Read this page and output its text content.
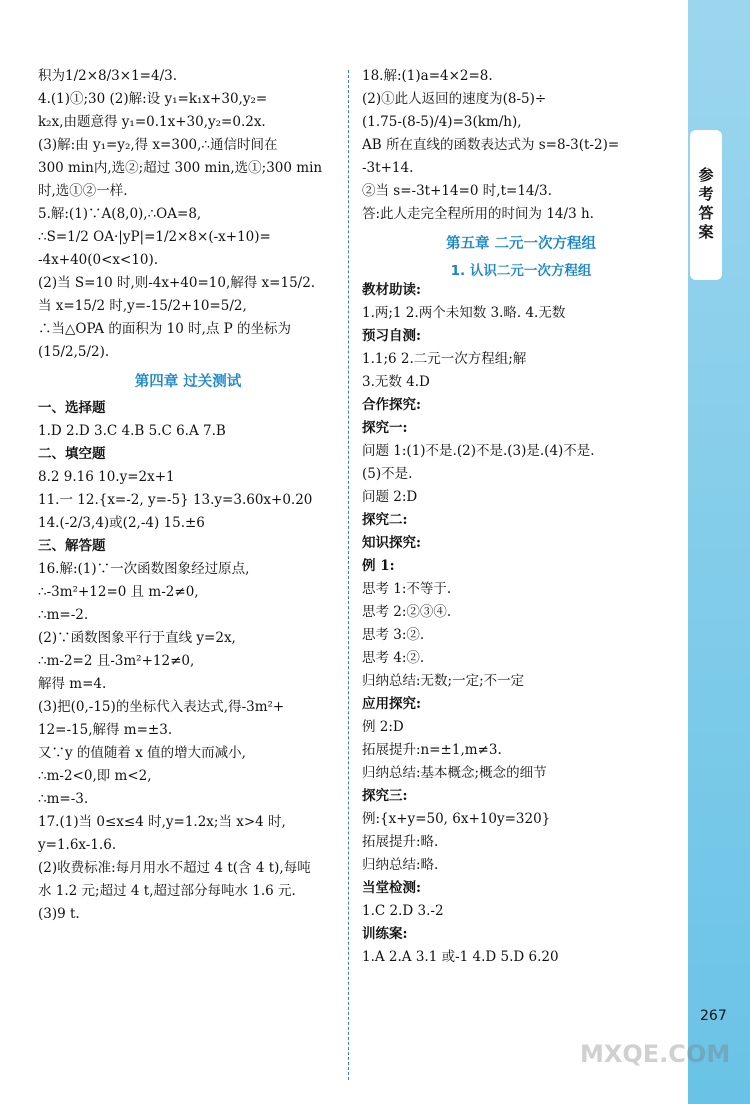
参考答案
积为1/2×8/3×1=4/3.
4.(1)①;30 (2)解:设 y₁=k₁x+30,y₂=
k₂x,由题意得 y₁=0.1x+30,y₂=0.2x.
(3)解:由 y₁=y₂,得 x=300,∴通信时间在
300 min内,选②;超过 300 min,选①;300 min
时,选①②一样.
5.解:(1)∵A(8,0),∴OA=8,
∴S=1/2 OA·|yP|=1/2×8×(-x+10)=
-4x+40(0<x<10).
(2)当 S=10 时,则-4x+40=10,解得 x=15/2.
当 x=15/2 时,y=-15/2+10=5/2,
∴当△OPA 的面积为 10 时,点 P 的坐标为
(15/2,5/2).
第四章 过关测试
一、选择题
1.D 2.D 3.C 4.B 5.C 6.A 7.B
二、填空题
8.2 9.16 10.y=2x+1
11.一 12.{x=-2, y=-5} 13.y=3.60x+0.20
14.(-2/3,4)或(2,-4) 15.±6
三、解答题
16.解:(1)∵一次函数图象经过原点,
∴-3m²+12=0 且 m-2≠0,
∴m=-2.
(2)∵函数图象平行于直线 y=2x,
∴m-2=2 且-3m²+12≠0,
解得 m=4.
(3)把(0,-15)的坐标代入表达式,得-3m²+
12=-15,解得 m=±3.
又∵y 的值随着 x 值的增大而减小,
∴m-2<0,即 m<2,
∴m=-3.
17.(1)当 0≤x≤4 时,y=1.2x;当 x>4 时,
y=1.6x-1.6.
(2)收费标准:每月用水不超过 4 t(含 4 t),每吨
水 1.2 元;超过 4 t,超过部分每吨水 1.6 元.
(3)9 t.
18.解:(1)a=4×2=8.
(2)①此人返回的速度为(8-5)÷
(1.75-(8-5)/4)=3(km/h),
AB 所在直线的函数表达式为 s=8-3(t-2)=
-3t+14.
②当 s=-3t+14=0 时,t=14/3.
答:此人走完全程所用的时间为 14/3 h.
第五章 二元一次方程组
1. 认识二元一次方程组
教材助读:
1.两;1 2.两个未知数 3.略. 4.无数
预习自测:
1.1;6 2.二元一次方程组;解
3.无数 4.D
合作探究:
探究一:
问题 1:(1)不是.(2)不是.(3)是.(4)不是.
(5)不是.
问题 2:D
探究二:
知识探究:
例 1:
思考 1:不等于.
思考 2:②③④.
思考 3:②.
思考 4:②.
归纳总结:无数;一定;不一定
应用探究:
例 2:D
拓展提升:n=±1,m≠3.
归纳总结:基本概念;概念的细节
探究三:
例:{x+y=50, 6x+10y=320}
拓展提升:略.
归纳总结:略.
当堂检测:
1.C 2.D 3.-2
训练案:
1.A 2.A 3.1 或-1 4.D 5.D 6.20
267
MXQE.COM
